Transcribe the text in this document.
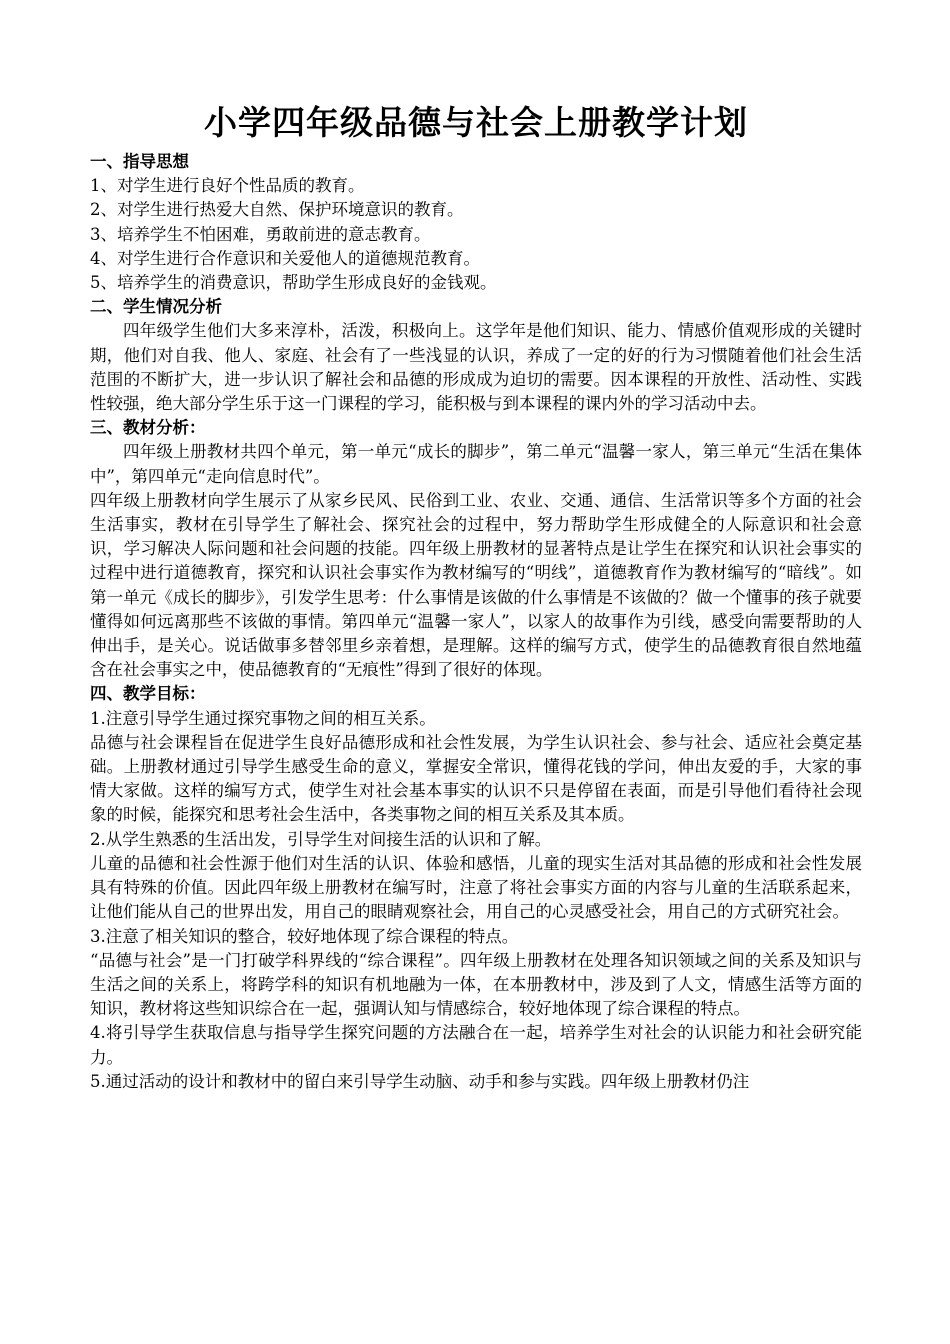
小学四年级品德与社会上册教学计划
一、指导思想
1、对学生进行良好个性品质的教育。
2、对学生进行热爱大自然、保护环境意识的教育。
3、培养学生不怕困难，勇敢前进的意志教育。
4、对学生进行合作意识和关爱他人的道德规范教育。
5、培养学生的消费意识，帮助学生形成良好的金钱观。
二、学生情况分析

四年级学生他们大多来淳朴，活泼，积极向上。这学年是他们知识、能力、情感价值观形成的关键时期，他们对自我、他人、家庭、社会有了一些浅显的认识，养成了一定的好的行为习惯随着他们社会生活范围的不断扩大，进一步认识了解社会和品德的形成成为迫切的需要。因本课程的开放性、活动性、实践性较强，绝大部分学生乐于这一门课程的学习，能积极与到本课程的课内外的学习活动中去。

三、教材分析：

四年级上册教材共四个单元，第一单元“成长的脚步”，第二单元“温馨一家人，第三单元“生活在集体中”，第四单元“走向信息时代”。

四年级上册教材向学生展示了从家乡民风、民俗到工业、农业、交通、通信、生活常识等多个方面的社会生活事实，教材在引导学生了解社会、探究社会的过程中，努力帮助学生形成健全的人际意识和社会意识，学习解决人际问题和社会问题的技能。四年级上册教材的显著特点是让学生在探究和认识社会事实的过程中进行道德教育，探究和认识社会事实作为教材编写的“明线”，道德教育作为教材编写的“暗线”。如第一单元《成长的脚步》，引发学生思考：什么事情是该做的什么事情是不该做的？做一个懂事的孩子就要懂得如何远离那些不该做的事情。第四单元“温馨一家人”，以家人的故事作为引线，感受向需要帮助的人伸出手，是关心。说话做事多替邻里乡亲着想，是理解。这样的编写方式，使学生的品德教育很自然地蕴含在社会事实之中，使品德教育的“无痕性”得到了很好的体现。

四、教学目标：
1.注意引导学生通过探究事物之间的相互关系。

品德与社会课程旨在促进学生良好品德形成和社会性发展，为学生认识社会、参与社会、适应社会奠定基础。上册教材通过引导学生感受生命的意义，掌握安全常识，懂得花钱的学问，伸出友爱的手，大家的事情大家做。这样的编写方式，使学生对社会基本事实的认识不只是停留在表面，而是引导他们看待社会现象的时候，能探究和思考社会生活中，各类事物之间的相互关系及其本质。

2.从学生熟悉的生活出发，引导学生对间接生活的认识和了解。

儿童的品德和社会性源于他们对生活的认识、体验和感悟，儿童的现实生活对其品德的形成和社会性发展具有特殊的价值。因此四年级上册教材在编写时，注意了将社会事实方面的内容与儿童的生活联系起来，让他们能从自己的世界出发，用自己的眼睛观察社会，用自己的心灵感受社会，用自己的方式研究社会。

3.注意了相关知识的整合，较好地体现了综合课程的特点。

“品德与社会”是一门打破学科界线的“综合课程”。四年级上册教材在处理各知识领域之间的关系及知识与生活之间的关系上，将跨学科的知识有机地融为一体，在本册教材中，涉及到了人文，情感生活等方面的知识，教材将这些知识综合在一起，强调认知与情感综合，较好地体现了综合课程的特点。

4.将引导学生获取信息与指导学生探究问题的方法融合在一起，培养学生对社会的认识能力和社会研究能力。

5.通过活动的设计和教材中的留白来引导学生动脑、动手和参与实践。四年级上册教材仍注
